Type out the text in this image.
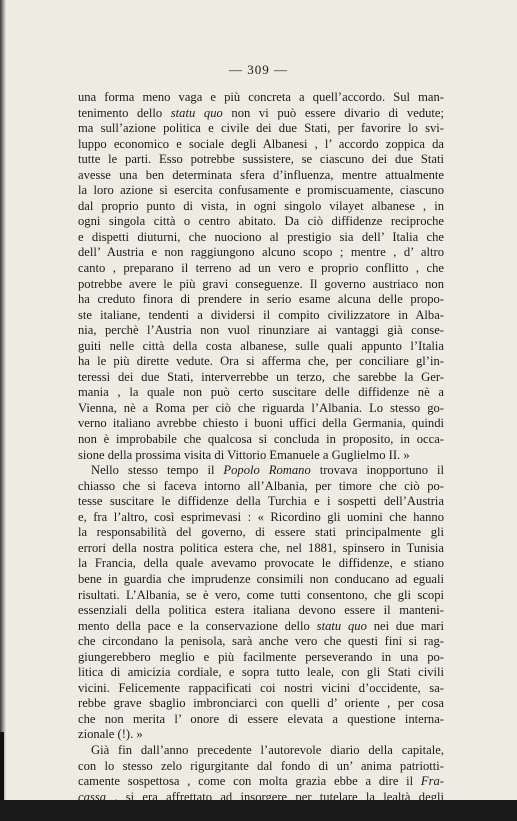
— 309 —
una forma meno vaga e più concreta a quell’accordo. Sul man-
tenimento dello statu quo non vi può essere divario di vedute;
ma sull’azione politica e civile dei due Stati, per favorire lo svi-
luppo economico e sociale degli Albanesi , l’ accordo zoppica da
tutte le parti. Esso potrebbe sussistere, se ciascuno dei due Stati
avesse una ben determinata sfera d’influenza, mentre attualmente
la loro azione si esercita confusamente e promiscuamente, ciascuno
dal proprio punto di vista, in ogni singolo vilayet albanese , in
ogni singola città o centro abitato. Da ciò diffidenze reciproche
e dispetti diuturni, che nuociono al prestigio sia dell’ Italia che
dell’ Austria e non raggiungono alcuno scopo ; mentre , d’ altro
canto , preparano il terreno ad un vero e proprio conflitto , che
potrebbe avere le più gravi conseguenze. Il governo austriaco non
ha creduto finora di prendere in serio esame alcuna delle propo-
ste italiane, tendenti a dividersi il compito civilizzatore in Alba-
nia, perchè l’Austria non vuol rinunziare ai vantaggi già conse-
guiti nelle città della costa albanese, sulle quali appunto l’Italia
ha le più dirette vedute. Ora si afferma che, per conciliare gl’in-
teressi dei due Stati, interverrebbe un terzo, che sarebbe la Ger-
mania , la quale non può certo suscitare delle diffidenze nè a
Vienna, nè a Roma per ciò che riguarda l’Albania. Lo stesso go-
verno italiano avrebbe chiesto i buoni uffici della Germania, quindi
non è improbabile che qualcosa si concluda in proposito, in occa-
sione della prossima visita di Vittorio Emanuele a Guglielmo II. »
Nello stesso tempo il Popolo Romano trovava inopportuno il
chiasso che si faceva intorno all’Albania, per timore che ciò po-
tesse suscitare le diffidenze della Turchia e i sospetti dell’Austria
e, fra l’altro, così esprimevasi : « Ricordino gli uomini che hanno
la responsabilità del governo, di essere stati principalmente gli
errori della nostra politica estera che, nel 1881, spinsero in Tunisia
la Francia, della quale avevamo provocate le diffidenze, e stiano
bene in guardia che imprudenze consimili non conducano ad eguali
risultati. L’Albania, se è vero, come tutti consentono, che gli scopi
essenziali della politica estera italiana devono essere il manteni-
mento della pace e la conservazione dello statu quo nei due mari
che circondano la penisola, sarà anche vero che questi fini si rag-
giungerebbero meglio e più facilmente perseverando in una po-
litica di amicizia cordiale, e sopra tutto leale, con gli Stati civili
vicini. Felicemente rappacificati coi nostri vicini d’occidente, sa-
rebbe grave sbaglio imbronciarci con quelli d’ oriente , per cosa
che non merita l’ onore di essere elevata a questione interna-
zionale (!). »
Già fin dall’anno precedente l’autorevole diario della capitale,
con lo stesso zelo rigurgitante dal fondo di un’ anima patriotti-
camente sospettosa , come con molta grazia ebbe a dire il Fra-
cassa , si era affrettato ad insorgere per tutelare la lealtà degli
impegni dell’Italia verso l’Austria, a proposito dell’invio delle navi
